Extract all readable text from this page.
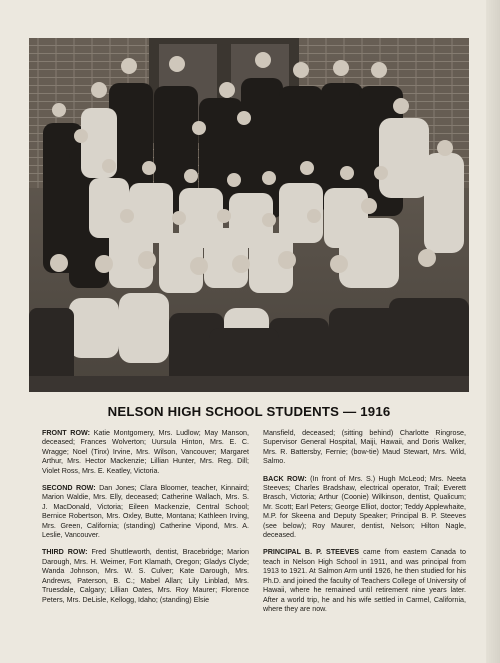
NELSON HIGH SCHOOL STUDENTS — 1916

FRONT ROW: Katie Montgomery, Mrs. Ludlow; May Manson, deceased; Frances Wolverton; Uursula Hinton, Mrs. E. C. Wragge; Noel (Tinx) Irvine, Mrs. Wilson, Vancouver; Margaret Arthur, Mrs. Hector Mackenzie; Lillian Hunter, Mrs. Reg. Dill; Violet Ross, Mrs. E. Keatley, Victoria.

SECOND ROW: Dan Jones; Clara Bloomer, teacher, Kinnaird; Marion Waldie, Mrs. Elly, deceased; Catherine Wallach, Mrs. S. J. MacDonald, Victoria; Eileen Mackenzie, Central School; Bernice Robertson, Mrs. Oxley, Butte, Montana; Kathleen Irving, Mrs. Green, California; (standing) Catherine Vipond, Mrs. A. Leslie, Vancouver.

THIRD ROW: Fred Shuttleworth, dentist, Bracebridge; Marion Darough, Mrs. H. Weimer, Fort Klamath, Oregon; Gladys Clyde; Wanda Johnson, Mrs. W. S. Culver; Kate Darough, Mrs. Andrews, Paterson, B. C.; Mabel Allan; Lily Linblad, Mrs. Truesdale, Calgary; Lillian Oates, Mrs. Roy Maurer; Florence Peters, Mrs. DeLisle, Kellogg, Idaho; (standing) Elsie

Mansfield, deceased; (sitting behind) Charlotte Ringrose, Supervisor General Hospital, Maiji, Hawaii, and Doris Walker, Mrs. R. Battersby, Fernie; (bow-tie) Maud Stewart, Mrs. Wild, Salmo.

BACK ROW: (In front of Mrs. S.) Hugh McLeod; Mrs. Neeta Steeves; Charles Bradshaw, electrical operator, Trail; Everett Brasch, Victoria; Arthur (Coonie) Wilkinson, dentist, Qualicum; Mr. Scott; Earl Peters; George Elliot, doctor; Teddy Applewhaite, M.P. for Skeena and Deputy Speaker; Principal B. P. Steeves (see below); Roy Maurer, dentist, Nelson; Hilton Nagle, deceased.

PRINCIPAL B. P. STEEVES came from eastern Canada to teach in Nelson High School in 1911, and was principal from 1913 to 1921. At Salmon Arm until 1926, he then studied for his Ph.D. and joined the faculty of Teachers College of University of Hawaii, where he remained until retirement nine years later. After a world trip, he and his wife settled in Carmel, California, where they are now.
